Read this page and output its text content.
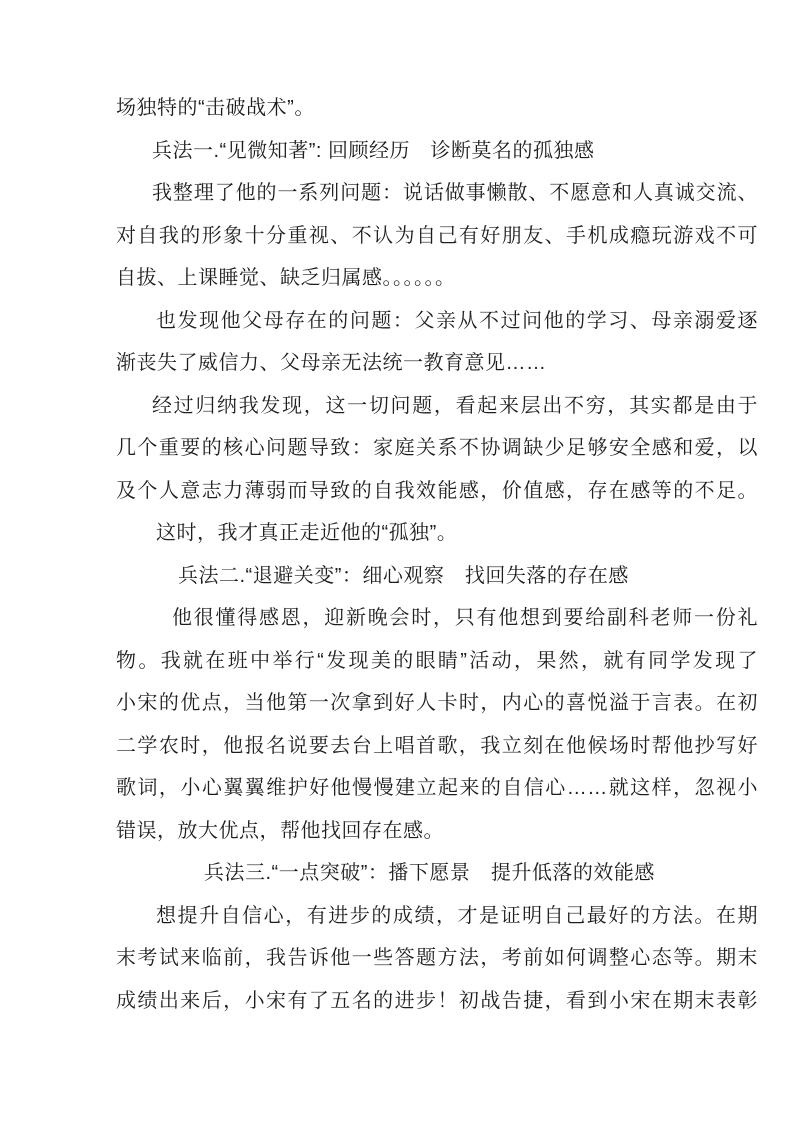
场独特的“击破战术”。
兵法一.“见微知著”: 回顾经历　诊断莫名的孤独感
我整理了他的一系列问题：说话做事懒散、不愿意和人真诚交流、
对自我的形象十分重视、不认为自己有好朋友、手机成瘾玩游戏不可
自拔、上课睡觉、缺乏归属感。。。。。。
也发现他父母存在的问题：父亲从不过问他的学习、母亲溺爱逐
渐丧失了威信力、父母亲无法统一教育意见……
经过归纳我发现，这一切问题，看起来层出不穷，其实都是由于
几个重要的核心问题导致：家庭关系不协调缺少足够安全感和爱，以
及个人意志力薄弱而导致的自我效能感，价值感，存在感等的不足。
这时，我才真正走近他的“孤独”。
兵法二.“退避关变”：细心观察　找回失落的存在感
他很懂得感恩，迎新晚会时，只有他想到要给副科老师一份礼
物。我就在班中举行“发现美的眼睛”活动，果然，就有同学发现了
小宋的优点，当他第一次拿到好人卡时，内心的喜悦溢于言表。在初
二学农时，他报名说要去台上唱首歌，我立刻在他候场时帮他抄写好
歌词，小心翼翼维护好他慢慢建立起来的自信心……就这样，忽视小
错误，放大优点，帮他找回存在感。
兵法三.“一点突破”：播下愿景　提升低落的效能感
想提升自信心，有进步的成绩，才是证明自己最好的方法。在期
末考试来临前，我告诉他一些答题方法，考前如何调整心态等。期末
成绩出来后，小宋有了五名的进步！初战告捷，看到小宋在期末表彰
